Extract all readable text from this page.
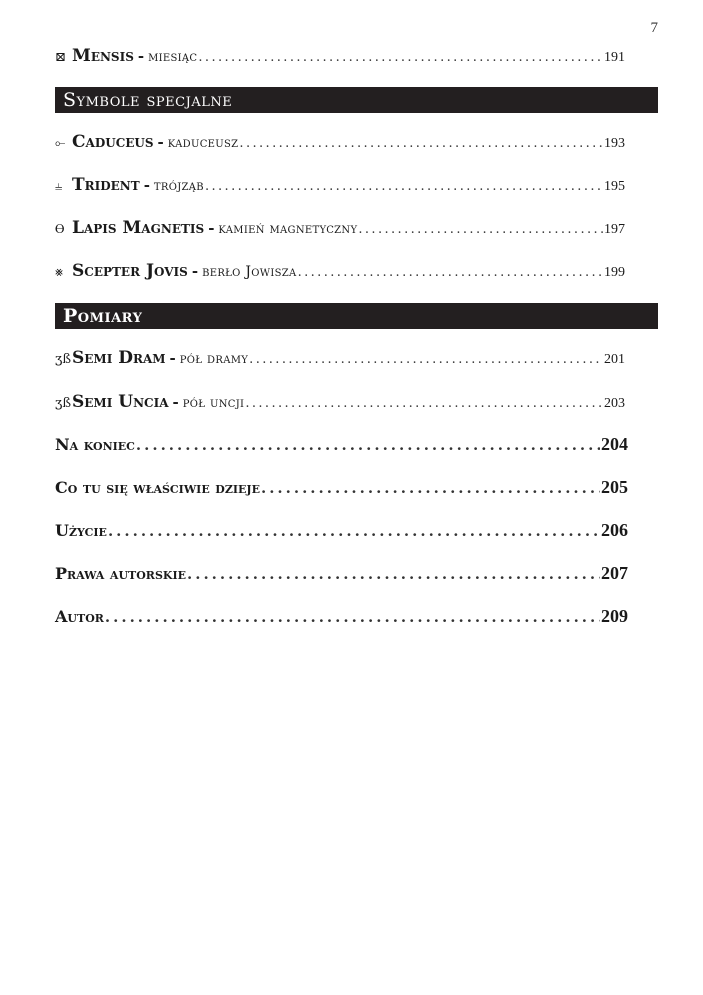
7
⊠ Mensis - miesiąc .....	191
Symbole specjalne
⟜ Caduceus - kaduceusz .....	193
⫨ Trident - trójząb .....	195
Ⲑ Lapis Magnetis - kamień magnetyczny .....	197
⨳ Scepter Jovis - berło Jowisza .....	199
Pomiary
ʒß Semi Dram - pół dramy .....	201
ʒß Semi Uncia - pół uncji .....	203
Na koniec .....	204
Co tu się właściwie dzieje .....	205
Użycie .....	206
Prawa autorskie .....	207
Autor .....	209
